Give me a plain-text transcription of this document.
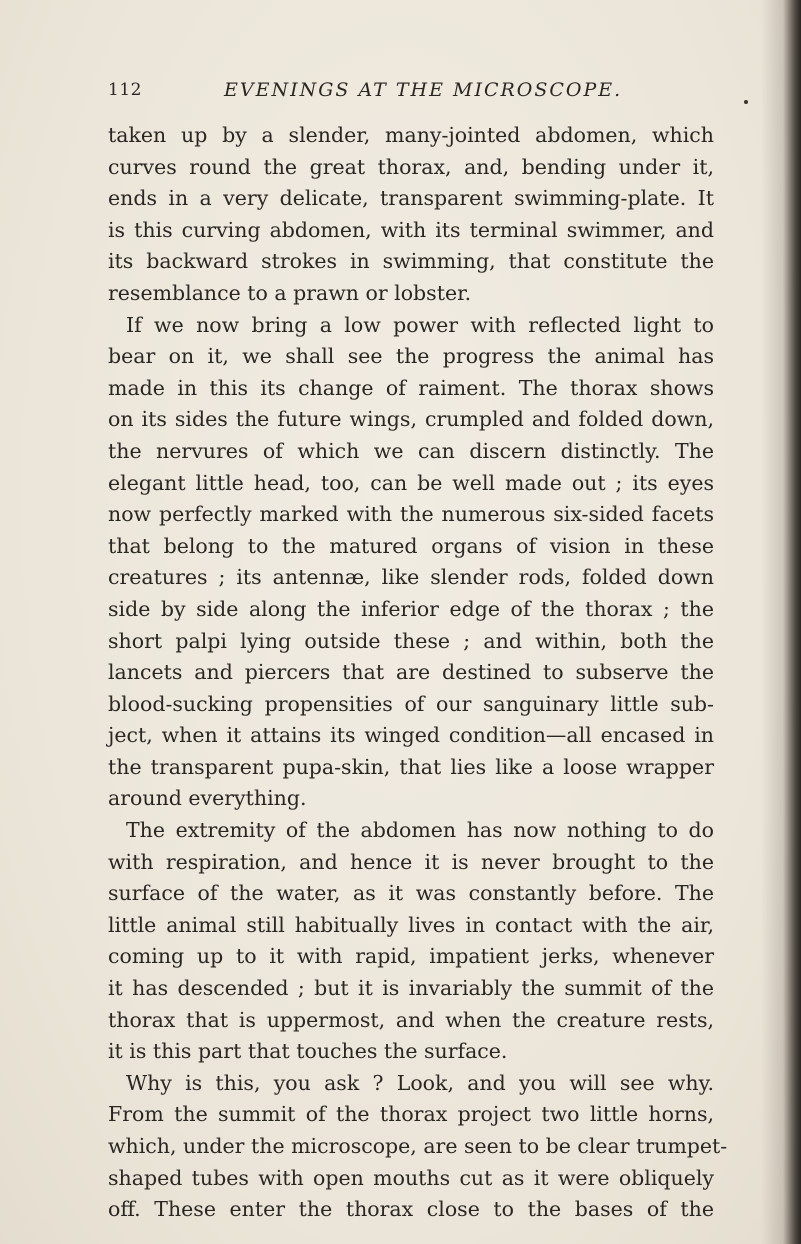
112	EVENINGS AT THE MICROSCOPE.
taken up by a slender, many-jointed abdomen, which
curves round the great thorax, and, bending under it,
ends in a very delicate, transparent swimming-plate. It
is this curving abdomen, with its terminal swimmer, and
its backward strokes in swimming, that constitute the
resemblance to a prawn or lobster.
If we now bring a low power with reflected light to
bear on it, we shall see the progress the animal has
made in this its change of raiment. The thorax shows
on its sides the future wings, crumpled and folded down,
the nervures of which we can discern distinctly. The
elegant little head, too, can be well made out ; its eyes
now perfectly marked with the numerous six-sided facets
that belong to the matured organs of vision in these
creatures ; its antennæ, like slender rods, folded down
side by side along the inferior edge of the thorax ; the
short palpi lying outside these ; and within, both the
lancets and piercers that are destined to subserve the
blood-sucking propensities of our sanguinary little sub-
ject, when it attains its winged condition—all encased in
the transparent pupa-skin, that lies like a loose wrapper
around everything.
The extremity of the abdomen has now nothing to do
with respiration, and hence it is never brought to the
surface of the water, as it was constantly before. The
little animal still habitually lives in contact with the air,
coming up to it with rapid, impatient jerks, whenever
it has descended ; but it is invariably the summit of the
thorax that is uppermost, and when the creature rests,
it is this part that touches the surface.
Why is this, you ask ? Look, and you will see why.
From the summit of the thorax project two little horns,
which, under the microscope, are seen to be clear trumpet-
shaped tubes with open mouths cut as it were obliquely
off. These enter the thorax close to the bases of the
